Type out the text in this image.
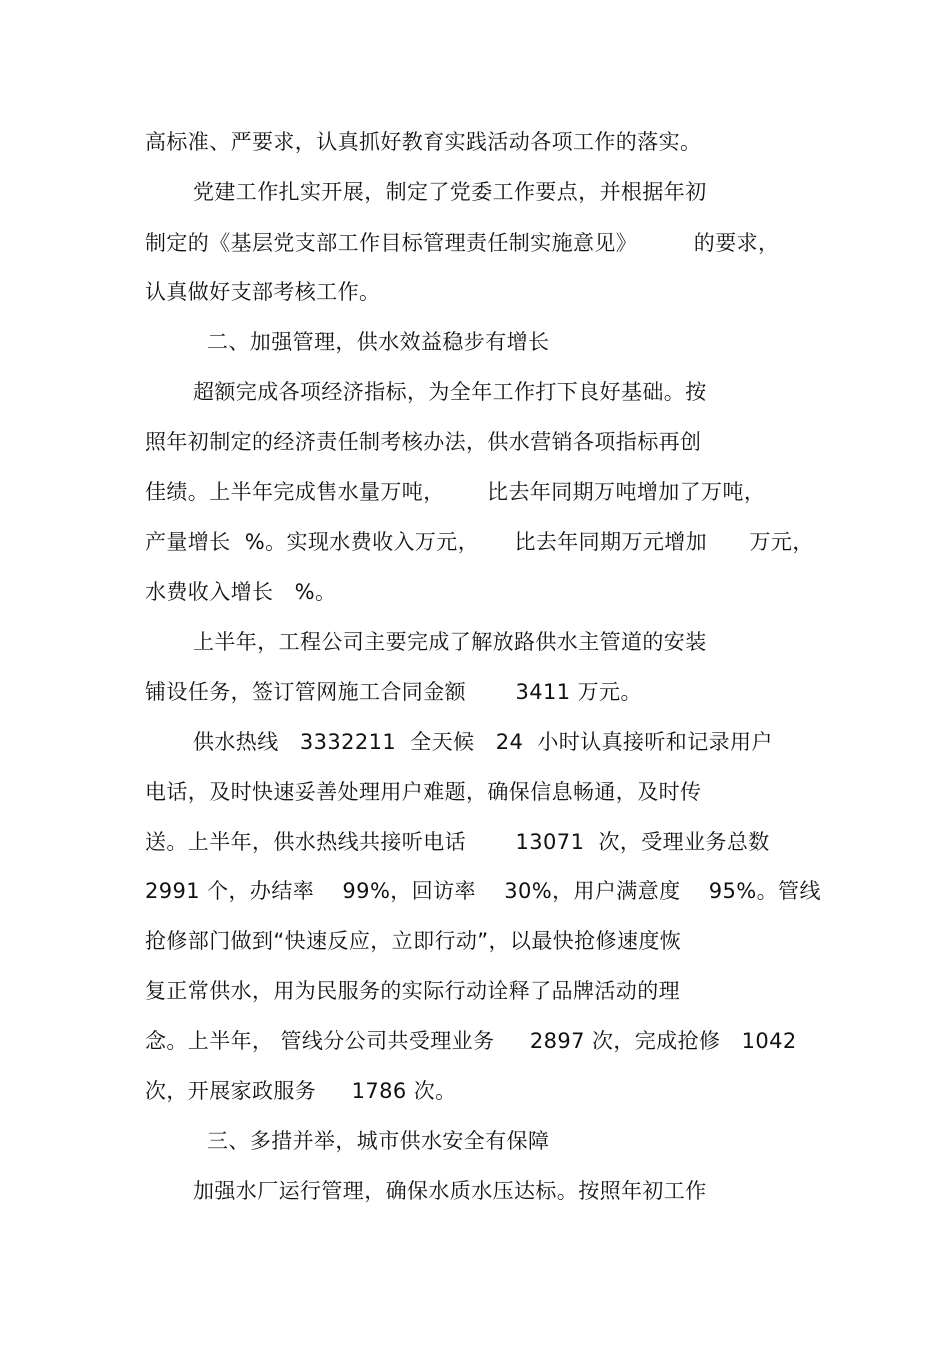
高标准、严要求，认真抓好教育实践活动各项工作的落实。
党建工作扎实开展，制定了党委工作要点，并根据年初
制定的《基层党支部工作目标管理责任制实施意见》        的要求，
认真做好支部考核工作。
二、加强管理，供水效益稳步有增长
超额完成各项经济指标，为全年工作打下良好基础。按
照年初制定的经济责任制考核办法，供水营销各项指标再创
佳绩。上半年完成售水量万吨，      比去年同期万吨增加了万吨，
产量增长  %。实现水费收入万元，     比去年同期万元增加      万元，
水费收入增长   %。
上半年，工程公司主要完成了解放路供水主管道的安装
铺设任务，签订管网施工合同金额       3411 万元。
供水热线   3332211  全天候   24  小时认真接听和记录用户
电话，及时快速妥善处理用户难题，确保信息畅通，及时传
送。上半年，供水热线共接听电话       13071  次，受理业务总数
2991 个，办结率    99%，回访率    30%，用户满意度    95%。管线
抢修部门做到“快速反应，立即行动”，以最快抢修速度恢
复正常供水，用为民服务的实际行动诠释了品牌活动的理
念。上半年， 管线分公司共受理业务     2897 次，完成抢修   1042
次，开展家政服务     1786 次。
三、多措并举，城市供水安全有保障
加强水厂运行管理，确保水质水压达标。按照年初工作
